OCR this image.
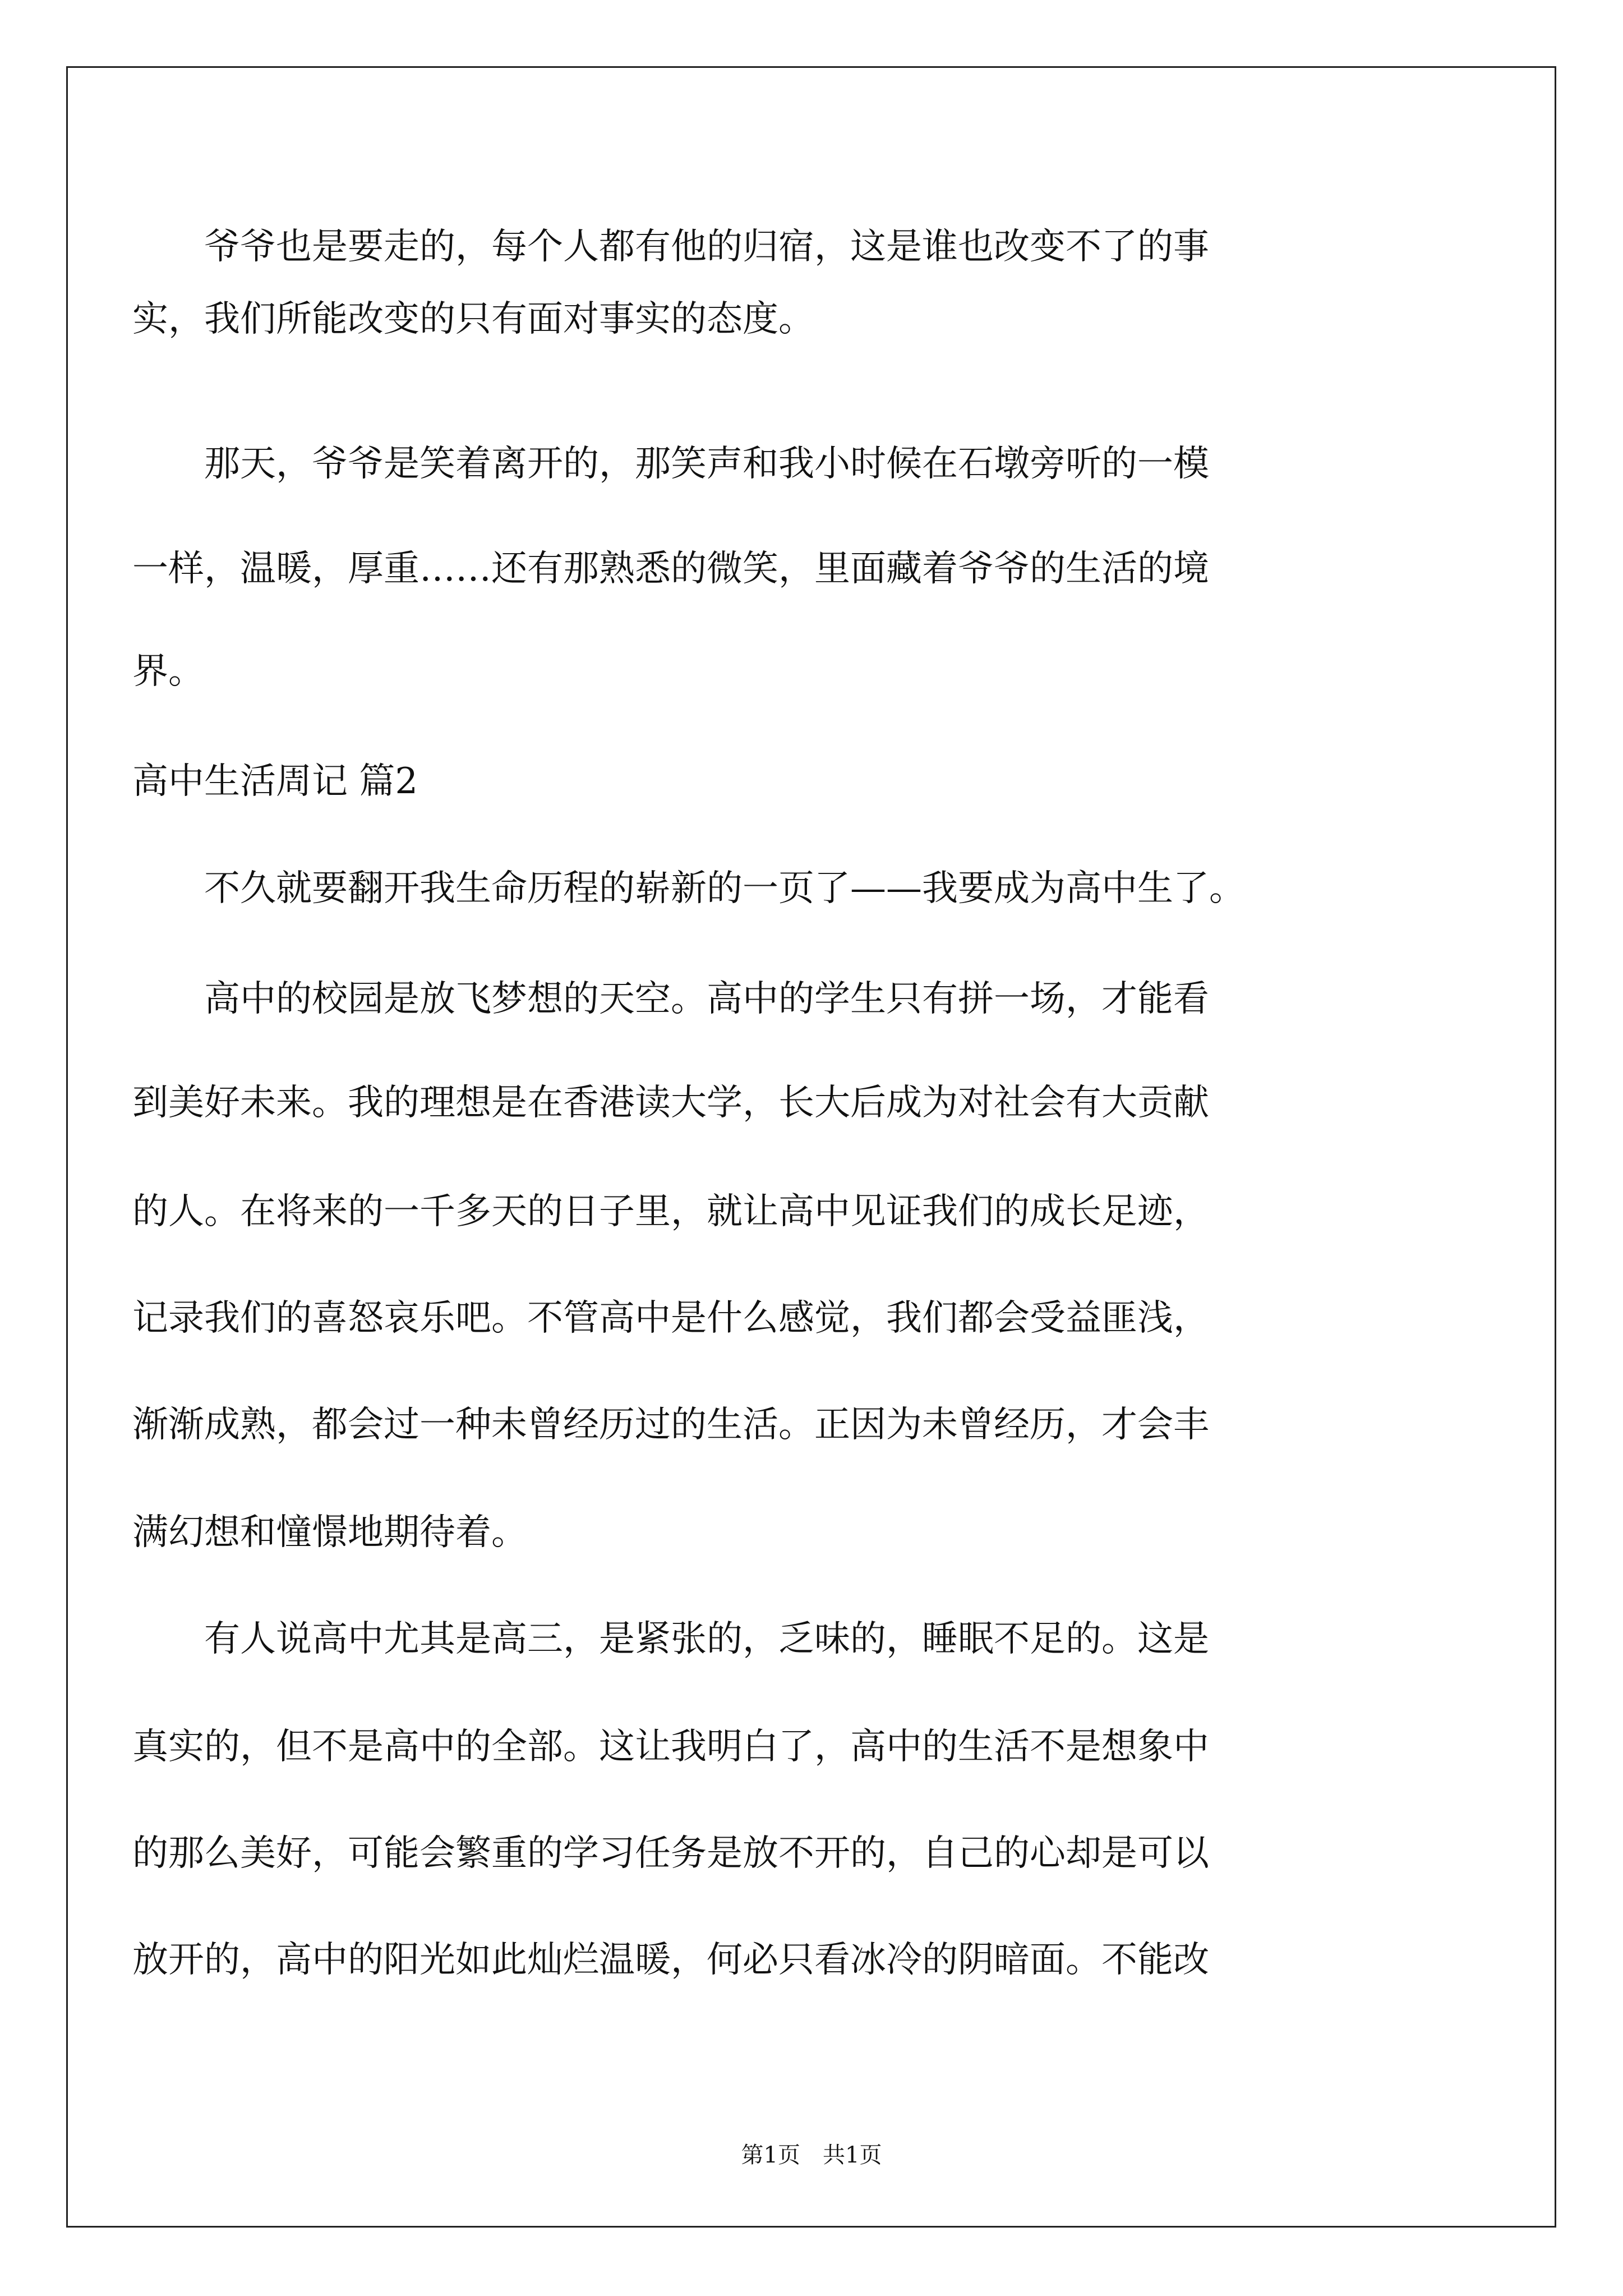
　　爷爷也是要走的，每个人都有他的归宿，这是谁也改变不了的事
实，我们所能改变的只有面对事实的态度。
　　那天，爷爷是笑着离开的，那笑声和我小时候在石墩旁听的一模
一样，温暖，厚重……还有那熟悉的微笑，里面藏着爷爷的生活的境
界。
高中生活周记 篇2
　　不久就要翻开我生命历程的崭新的一页了——我要成为高中生了。
　　高中的校园是放飞梦想的天空。高中的学生只有拼一场，才能看
到美好未来。我的理想是在香港读大学，长大后成为对社会有大贡献
的人。在将来的一千多天的日子里，就让高中见证我们的成长足迹，
记录我们的喜怒哀乐吧。不管高中是什么感觉，我们都会受益匪浅，
渐渐成熟，都会过一种未曾经历过的生活。正因为未曾经历，才会丰
满幻想和憧憬地期待着。
　　有人说高中尤其是高三，是紧张的，乏味的，睡眠不足的。这是
真实的，但不是高中的全部。这让我明白了，高中的生活不是想象中
的那么美好，可能会繁重的学习任务是放不开的，自己的心却是可以
放开的，高中的阳光如此灿烂温暖，何必只看冰冷的阴暗面。不能改
第1页　共1页
